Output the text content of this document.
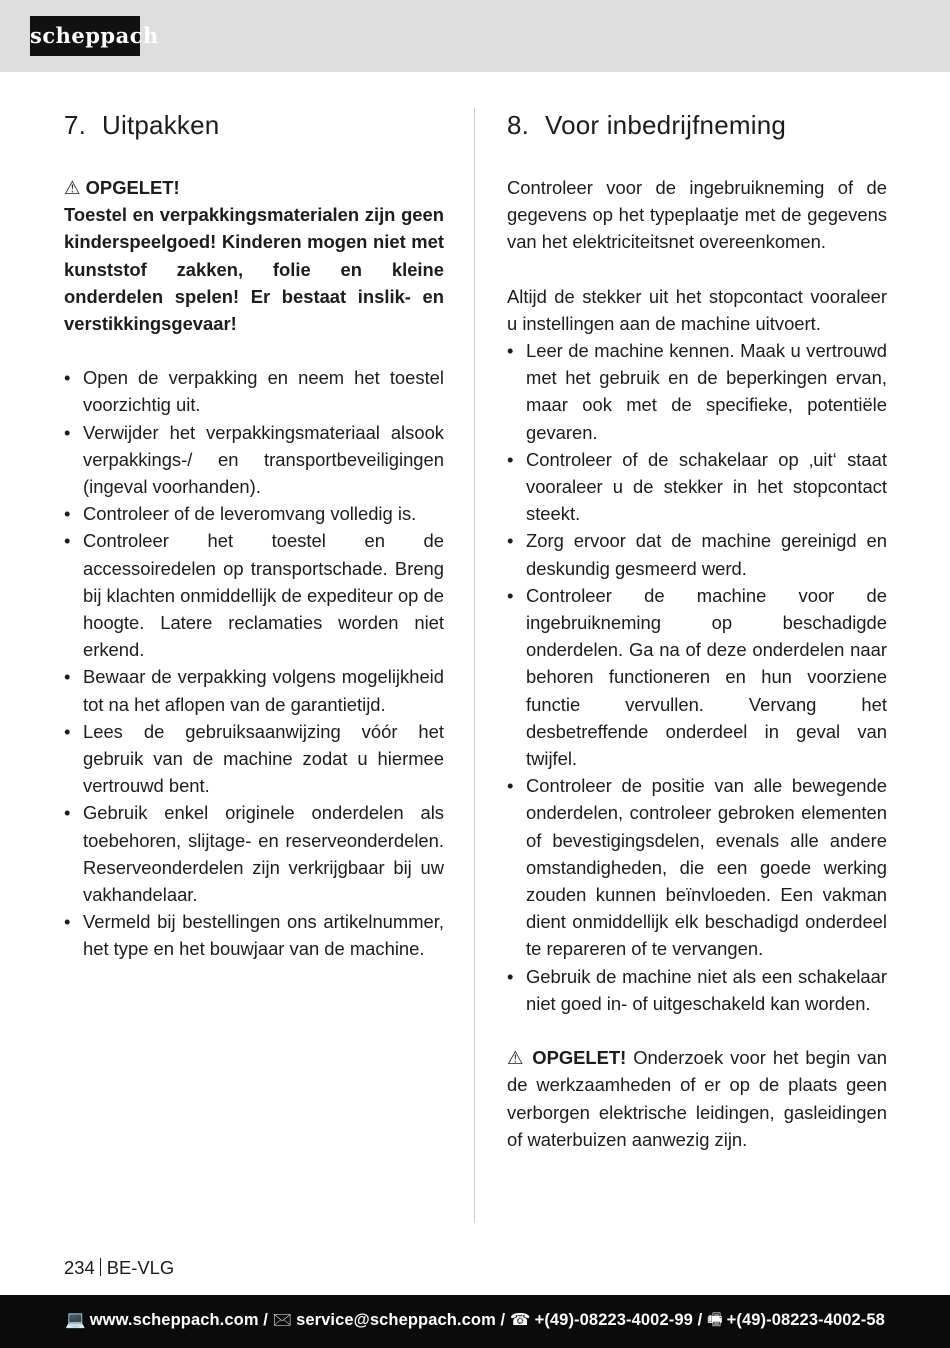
scheppach
7. Uitpakken
⚠ OPGELET!
Toestel en verpakkingsmaterialen zijn geen kinderspeelgoed! Kinderen mogen niet met kunststof zakken, folie en kleine onderdelen spelen! Er bestaat inslik- en verstikkingsgevaar!
• Open de verpakking en neem het toestel voorzichtig uit.
• Verwijder het verpakkingsmateriaal alsook verpakkings-/ en transportbeveiligingen (ingeval voorhanden).
• Controleer of de leveromvang volledig is.
• Controleer het toestel en de accessoiredelen op transportschade. Breng bij klachten onmiddellijk de expediteur op de hoogte. Latere reclamaties worden niet erkend.
• Bewaar de verpakking volgens mogelijkheid tot na het aflopen van de garantietijd.
• Lees de gebruiksaanwijzing vóór het gebruik van de machine zodat u hiermee vertrouwd bent.
• Gebruik enkel originele onderdelen als toebehoren, slijtage- en reserveonderdelen. Reserveonderdelen zijn verkrijgbaar bij uw vakhandelaar.
• Vermeld bij bestellingen ons artikelnummer, het type en het bouwjaar van de machine.
8. Voor inbedrijfneming

Controleer voor de ingebruikneming of de gegevens op het typeplaatje met de gegevens van het elektriciteitsnet overeenkomen.

Altijd de stekker uit het stopcontact vooraleer u instellingen aan de machine uitvoert.

• Leer de machine kennen. Maak u vertrouwd met het gebruik en de beperkingen ervan, maar ook met de specifieke, potentiële gevaren.
• Controleer of de schakelaar op ‚uit‘ staat vooraleer u de stekker in het stopcontact steekt.
• Zorg ervoor dat de machine gereinigd en deskundig gesmeerd werd.
• Controleer de machine voor de ingebruikneming op beschadigde onderdelen. Ga na of deze onderdelen naar behoren functioneren en hun voorziene functie vervullen. Vervang het desbetreffende onderdeel in geval van twijfel.
• Controleer de positie van alle bewegende onderdelen, controleer gebroken elementen of bevestigingsdelen, evenals alle andere omstandigheden, die een goede werking zouden kunnen beïnvloeden. Een vakman dient onmiddellijk elk beschadigd onderdeel te repareren of te vervangen.
• Gebruik de machine niet als een schakelaar niet goed in- of uitgeschakeld kan worden.

⚠ OPGELET! Onderzoek voor het begin van de werkzaamheden of er op de plaats geen verborgen elektrische leidingen, gasleidingen of waterbuizen aanwezig zijn.

234 BE-VLG
💻 www.scheppach.com / 🖂 service@scheppach.com / ☎ +(49)-08223-4002-99 / 🖷 +(49)-08223-4002-58
